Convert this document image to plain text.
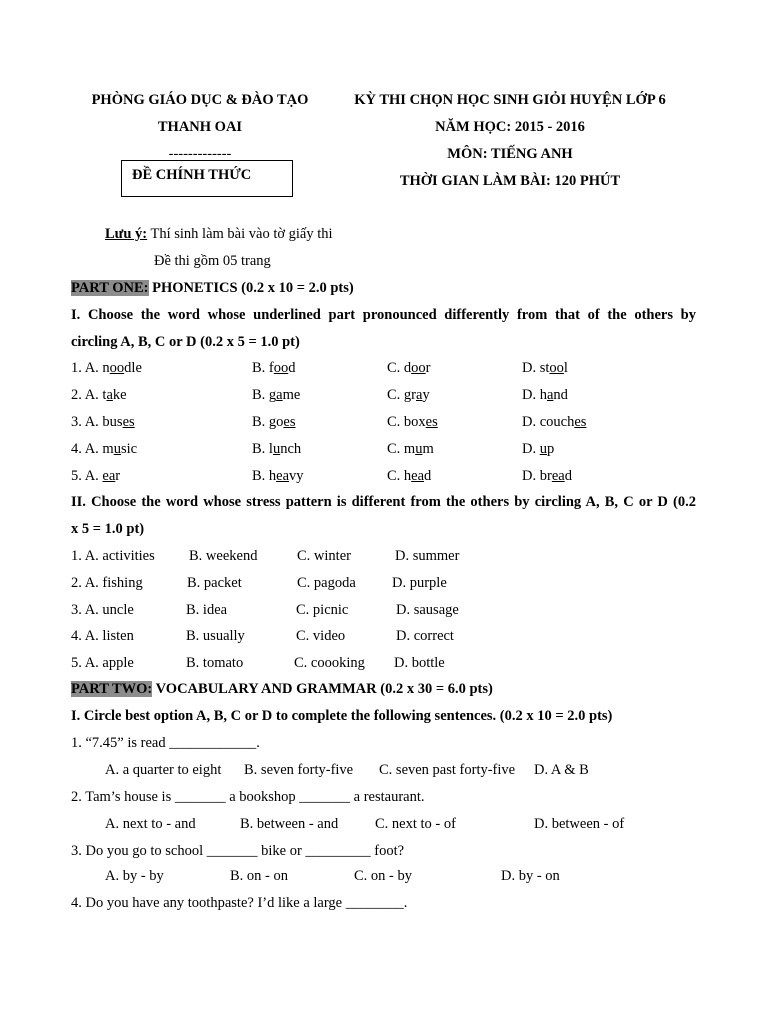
PHÒNG GIÁO DỤC & ĐÀO TẠO
THANH OAI
-------------
ĐỀ CHÍNH THỨC
KỲ THI CHỌN HỌC SINH GIỎI HUYỆN LỚP 6
NĂM HỌC: 2015 - 2016
MÔN: TIẾNG ANH
THỜI GIAN LÀM BÀI: 120 PHÚT
Lưu ý: Thí sinh làm bài vào tờ giấy thi
Đề thi gồm 05 trang
PART ONE: PHONETICS (0.2 x 10 = 2.0 pts)
I. Choose the word whose underlined part pronounced differently from that of the others by
circling A, B, C or D (0.2 x 5 = 1.0 pt)
1. A. noodle	B. food	C. door	D. stool
2. A. take	B. game	C. gray	D. hand
3. A. buses	B. goes	C. boxes	D. couches
4. A. music	B. lunch	C. mum	D. up
5. A. ear	B. heavy	C. head	D. bread
II. Choose the word whose stress pattern is different from the others by circling A, B, C or D (0.2
x 5 = 1.0 pt)
1. A. activities B. weekend	C. winter	D. summer
2. A. fishing	B. packet	C. pagoda D. purple
3. A. uncle	B. idea	C. picnic	D. sausage
4. A. listen	B. usually	C. video	D. correct
5. A. apple	B. tomato	C. coooking D. bottle
PART TWO: VOCABULARY AND GRAMMAR (0.2 x 30 = 6.0 pts)
I. Circle best option A, B, C or D to complete the following sentences. (0.2 x 10 = 2.0 pts)
1. “7.45” is read ____________.
A. a quarter to eight B. seven forty-five C. seven past forty-five D. A & B
2. Tam’s house is _______ a bookshop _______ a restaurant.
A. next to - and	B. between - and	C. next to - of	D. between - of
3. Do you go to school _______ bike or _________ foot?
A. by - by	B. on - on	C. on - by	D. by - on
4. Do you have any toothpaste? I’d like a large ________.
